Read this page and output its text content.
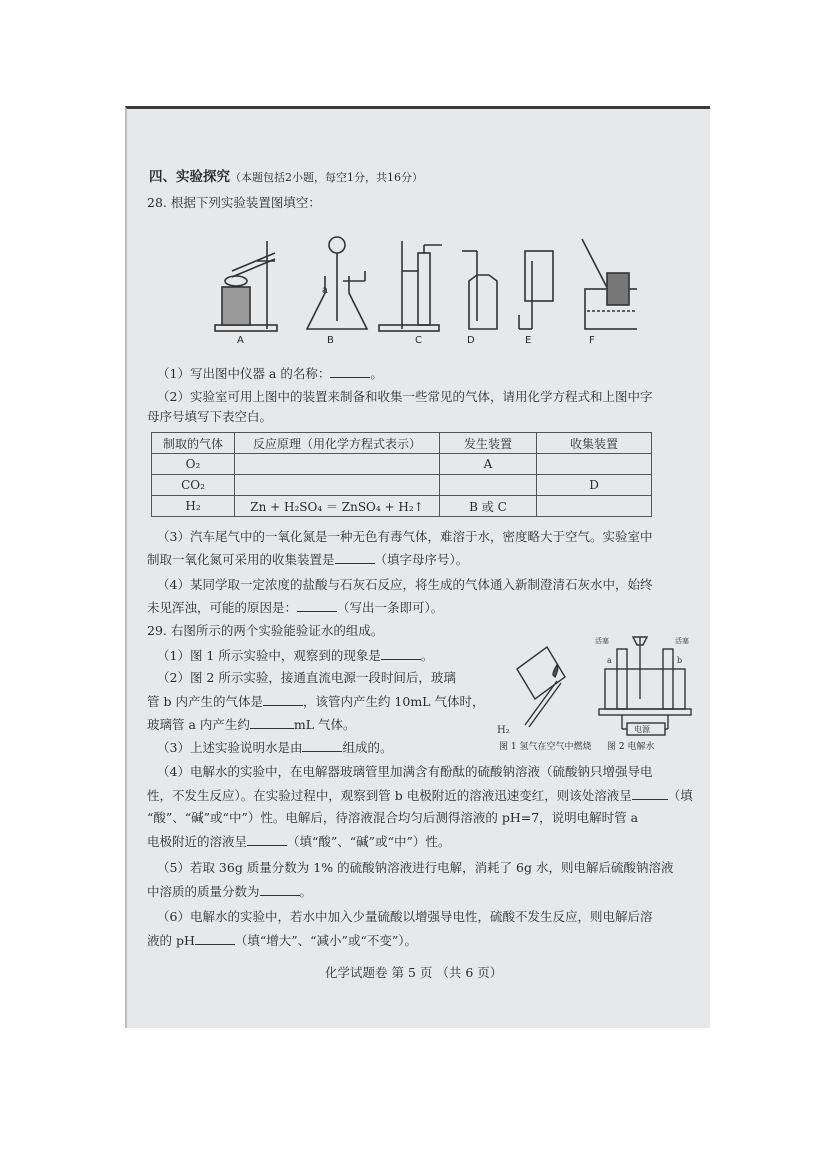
四、实验探究（本题包括2小题，每空1分，共16分）
28. 根据下列实验装置图填空：
a
A	B	C	D	E	F
（1）写出图中仪器 a 的名称：	。
（2）实验室可用上图中的装置来制备和收集一些常见的气体，请用化学方程式和上图中字
母序号填写下表空白。
制取的气体	反应原理（用化学方程式表示）	发生装置	收集装置
O₂		A	
CO₂			D
H₂	Zn + H₂SO₄ ＝ ZnSO₄ + H₂↑	B 或 C	
（3）汽车尾气中的一氧化氮是一种无色有毒气体，难溶于水，密度略大于空气。实验室中
制取一氧化氮可采用的收集装置是	（填字母序号）。
（4）某同学取一定浓度的盐酸与石灰石反应，将生成的气体通入新制澄清石灰水中，始终
未见浑浊，可能的原因是：	（写出一条即可）。
29. 右图所示的两个实验能验证水的组成。
（1）图 1 所示实验中，观察到的现象是	。
（2）图 2 所示实验，接通直流电源一段时间后，玻璃
管 b 内产生的气体是	，该管内产生约 10mL 气体时，
玻璃管 a 内产生约	mL 气体。
（3）上述实验说明水是由	组成的。
H₂
活塞	活塞
a	b
电源
图 1 氢气在空气中燃烧 图 2 电解水
（4）电解水的实验中，在电解器玻璃管里加满含有酚酞的硫酸钠溶液（硫酸钠只增强导电
性，不发生反应）。在实验过程中，观察到管 b 电极附近的溶液迅速变红，则该处溶液呈	（填
“酸”、“碱”或“中”）性。电解后，待溶液混合均匀后测得溶液的 pH=7，说明电解时管 a
电极附近的溶液呈	（填“酸”、“碱”或“中”）性。
（5）若取 36g 质量分数为 1% 的硫酸钠溶液进行电解，消耗了 6g 水，则电解后硫酸钠溶液
中溶质的质量分数为	。
（6）电解水的实验中，若水中加入少量硫酸以增强导电性，硫酸不发生反应，则电解后溶
液的 pH	（填“增大”、“减小”或“不变”）。
化学试题卷 第 5 页 （共 6 页）
